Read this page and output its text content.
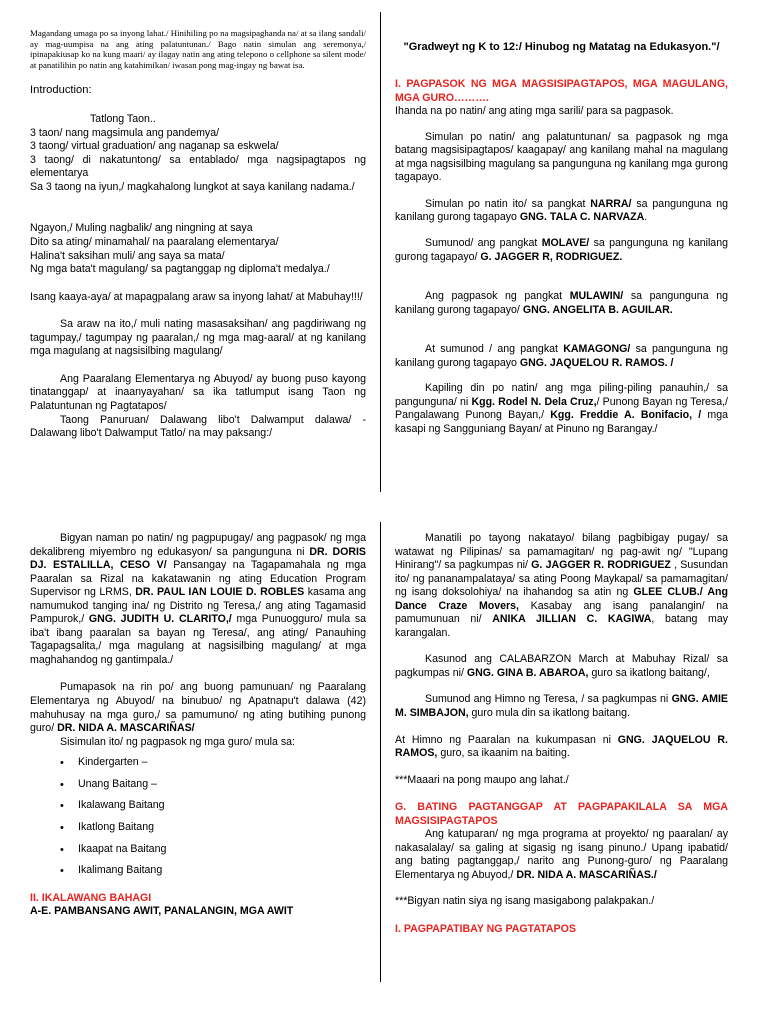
Magandang umaga po sa inyong lahat./ Hinihiling po na magsipaghanda na/ at sa ilang sandali/ ay mag-uumpisa na ang ating palatuntunan./ Bago natin simulan ang seremonya,/ ipinapakiusap ko na kung maari/ ay ilagay natin ang ating telepono o cellphone sa silent mode/ at panatilihin po natin ang katahimikan/ iwasan pong mag-ingay ng bawat isa.

Introduction:

Tatlong Taon..

3 taon/ nang magsimula ang pandemya/

3 taong/ virtual graduation/ ang naganap sa eskwela/

3 taong/ di nakatuntong/ sa entablado/ mga nagsipagtapos ng elementarya

Sa 3 taong na iyun,/ magkahalong lungkot at saya kanilang nadama./

Ngayon,/ Muling nagbalik/ ang ningning at saya

Dito sa ating/ minamahal/ na paaralang elementarya/

Halina't saksihan muli/ ang saya sa mata/

Ng mga bata't magulang/ sa pagtanggap ng diploma't medalya./

Isang kaaya-aya/ at mapagpalang araw sa inyong lahat/ at Mabuhay!!!/

Sa araw na ito,/ muli nating masasaksihan/ ang pagdiriwang ng tagumpay,/ tagumpay ng paaralan,/ ng mga mag-aaral/ at ng kanilang mga magulang at nagsisilbing magulang/

Ang Paaralang Elementarya ng Abuyod/ ay buong puso kayong tinatanggap/ at inaanyayahan/ sa ika tatlumput isang Taon ng Palatuntunan ng Pagtatapos/

Taong Panuruan/ Dalawang libo't Dalwamput dalawa/ - Dalawang libo't Dalwamput Tatlo/ na may paksang:/

"Gradweyt ng K to 12:/ Hinubog ng Matatag na Edukasyon."/

I. PAGPASOK NG MGA MAGSISIPAGTAPOS, MGA MAGULANG, MGA GURO……….

Ihanda na po natin/ ang ating mga sarili/ para sa pagpasok.

Simulan po natin/ ang palatuntunan/ sa pagpasok ng mga batang magsisipagtapos/ kaagapay/ ang kanilang mahal na magulang at mga nagsisilbing magulang sa pangunguna ng kanilang mga gurong tagapayo.

Simulan po natin ito/ sa pangkat NARRA/ sa pangunguna ng kanilang gurong tagapayo GNG. TALA C. NARVAZA.

Sumunod/ ang pangkat MOLAVE/ sa pangunguna ng kanilang gurong tagapayo/ G. JAGGER R, RODRIGUEZ.

Ang pagpasok ng pangkat MULAWIN/ sa pangunguna ng kanilang gurong tagapayo/ GNG. ANGELITA B. AGUILAR.

At sumunod / ang pangkat KAMAGONG/ sa pangunguna ng kanilang gurong tagapayo GNG. JAQUELOU R. RAMOS. /

Kapiling din po natin/ ang mga piling-piling panauhin,/ sa pangunguna/ ni Kgg. Rodel N. Dela Cruz,/ Punong Bayan ng Teresa,/ Pangalawang Punong Bayan,/ Kgg. Freddie A. Bonifacio, / mga kasapi ng Sangguniang Bayan/ at Pinuno ng Barangay./

Bigyan naman po natin/ ng pagpupugay/ ang pagpasok/ ng mga dekalibreng miyembro ng edukasyon/ sa pangunguna ni DR. DORIS DJ. ESTALILLA, CESO V/ Pansangay na Tagapamahala ng mga Paaralan sa Rizal na kakatawanin ng ating Education Program Supervisor ng LRMS, DR. PAUL IAN LOUIE D. ROBLES kasama ang namumukod tanging ina/ ng Distrito ng Teresa,/ ang ating Tagamasid Pampurok,/ GNG. JUDITH U. CLARITO,/ mga Punuogguro/ mula sa iba't ibang paaralan sa bayan ng Teresa/, ang ating/ Panauhing Tagapagsalita,/ mga magulang at nagsisilbing magulang/ at mga maghahandog ng gantimpala./

Pumapasok na rin po/ ang buong pamunuan/ ng Paaralang Elementarya ng Abuyod/ na binubuo/ ng Apatnapu't dalawa (42) mahuhusay na mga guro,/ sa pamumuno/ ng ating butihing punong guro/ DR. NIDA A. MASCARIÑAS/

Sisimulan ito/ ng pagpasok ng mga guro/ mula sa:

• Kindergarten –
• Unang Baitang –
• Ikalawang Baitang
• Ikatlong Baitang
• Ikaapat na Baitang
• Ikalimang Baitang

II. IKALAWANG BAHAGI

A-E. PAMBANSANG AWIT, PANALANGIN, MGA AWIT

Manatili po tayong nakatayo/ bilang pagbibigay pugay/ sa watawat ng Pilipinas/ sa pamamagitan/ ng pag-awit ng/ "Lupang Hinirang"/ sa pagkumpas ni/ G. JAGGER R. RODRIGUEZ , Susundan ito/ ng pananampalataya/ sa ating Poong Maykapal/ sa pamamagitan/ ng isang doksolohiya/ na ihahandog sa atin ng GLEE CLUB./ Ang Dance Craze Movers, Kasabay ang isang panalangin/ na pamumunuan ni/ ANIKA JILLIAN C. KAGIWA, batang may karangalan.

Kasunod ang CALABARZON March at Mabuhay Rizal/ sa pagkumpas ni/ GNG. GINA B. ABAROA, guro sa ikatlong baitang/,

Sumunod ang Himno ng Teresa, / sa pagkumpas ni GNG. AMIE M. SIMBAJON, guro mula din sa ikatlong baitang.

At Himno ng Paaralan na kukumpasan ni GNG. JAQUELOU R. RAMOS, guro, sa ikaanim na baiting.

***Maaari na pong maupo ang lahat./

G. BATING PAGTANGGAP AT PAGPAPAKILALA SA MGA MAGSISIPAGTAPOS

Ang katuparan/ ng mga programa at proyekto/ ng paaralan/ ay nakasalalay/ sa galing at sigasig ng isang pinuno./ Upang ipabatid/ ang bating pagtanggap,/ narito ang Punong-guro/ ng Paaralang Elementarya ng Abuyod,/ DR. NIDA A. MASCARIÑAS./

***Bigyan natin siya ng isang masigabong palakpakan./

I. PAGPAPATIBAY NG PAGTATAPOS
